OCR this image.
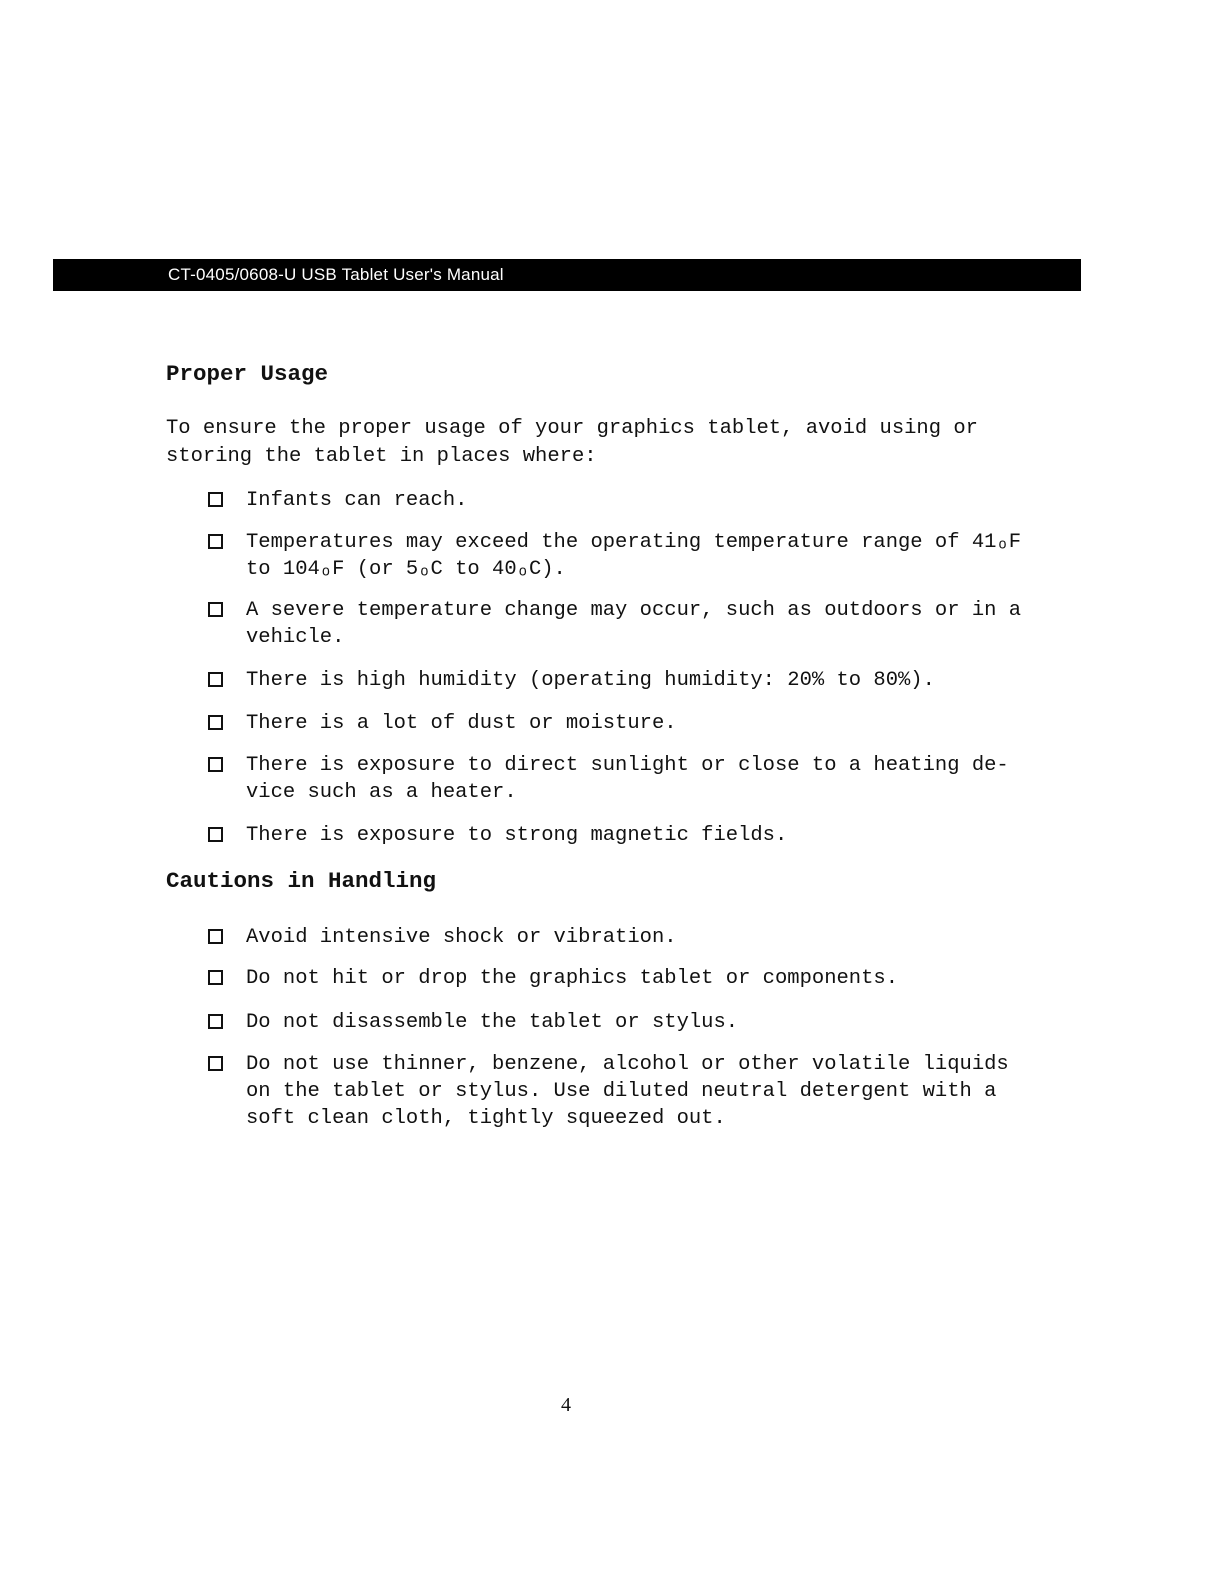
CT-0405/0608-U USB Tablet User's Manual
Proper Usage
To ensure the proper usage of your graphics tablet, avoid using or
storing the tablet in places where:
Infants can reach.
Temperatures may exceed the operating temperature range of 41ₒF
to 104ₒF (or 5ₒC to 40ₒC).
A severe temperature change may occur, such as outdoors or in a
vehicle.
There is high humidity (operating humidity: 20% to 80%).
There is a lot of dust or moisture.
There is exposure to direct sunlight or close to a heating de-
vice such as a heater.
There is exposure to strong magnetic fields.
Cautions in Handling
Avoid intensive shock or vibration.
Do not hit or drop the graphics tablet or components.
Do not disassemble the tablet or stylus.
Do not use thinner, benzene, alcohol or other volatile liquids
on the tablet or stylus. Use diluted neutral detergent with a
soft clean cloth, tightly squeezed out.
4
